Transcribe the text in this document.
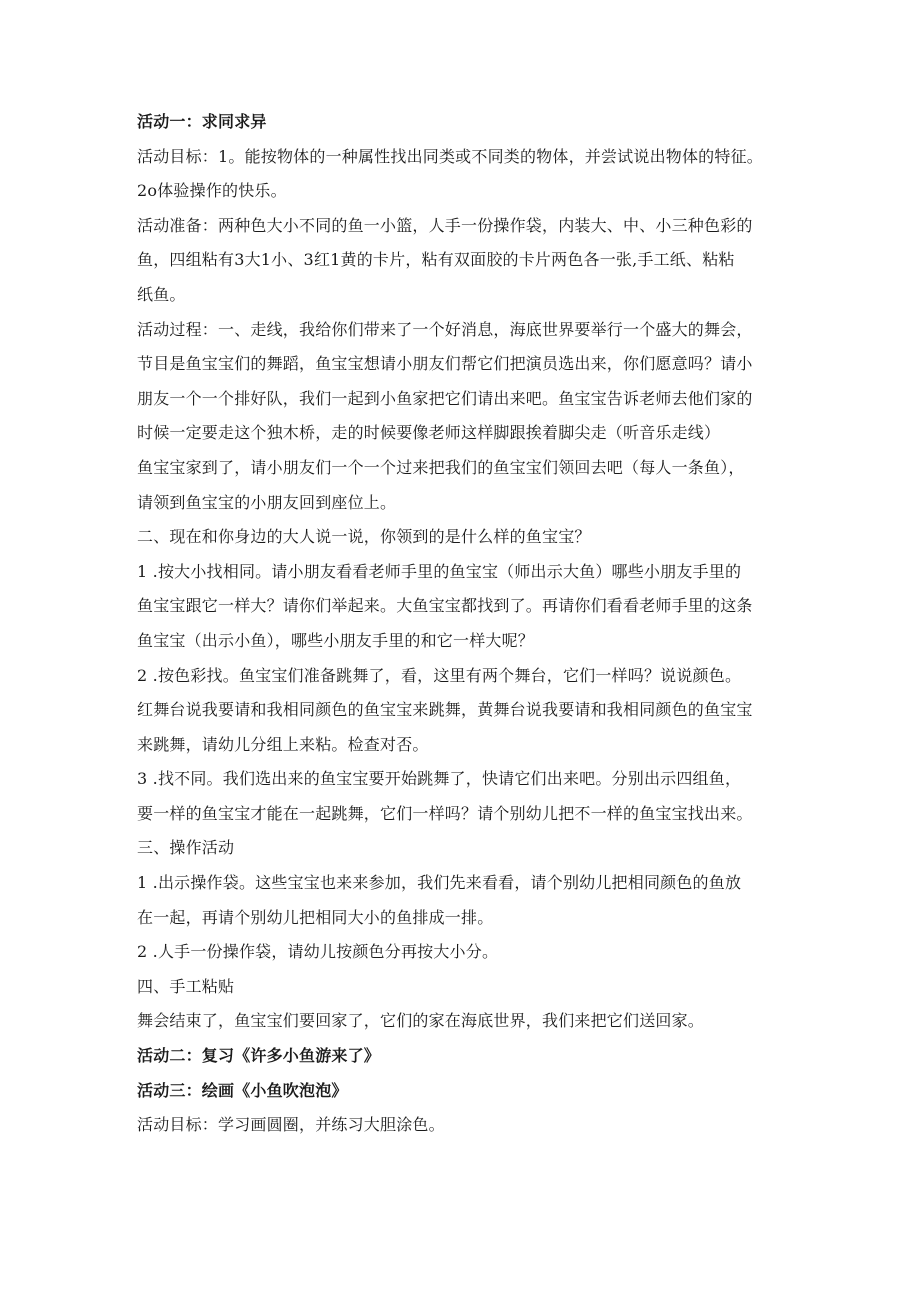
活动一：求同求异
活动目标：1。能按物体的一种属性找出同类或不同类的物体，并尝试说出物体的特征。
2o体验操作的快乐。
活动准备：两种色大小不同的鱼一小篮，人手一份操作袋，内装大、中、小三种色彩的
鱼，四组粘有3大1小、3红1黄的卡片，粘有双面胶的卡片两色各一张,手工纸、粘粘
纸鱼。
活动过程：一、走线，我给你们带来了一个好消息，海底世界要举行一个盛大的舞会，
节目是鱼宝宝们的舞蹈，鱼宝宝想请小朋友们帮它们把演员选出来，你们愿意吗？请小
朋友一个一个排好队，我们一起到小鱼家把它们请出来吧。鱼宝宝告诉老师去他们家的
时候一定要走这个独木桥，走的时候要像老师这样脚跟挨着脚尖走（听音乐走线）
鱼宝宝家到了，请小朋友们一个一个过来把我们的鱼宝宝们领回去吧（每人一条鱼），
请领到鱼宝宝的小朋友回到座位上。
二、现在和你身边的大人说一说，你领到的是什么样的鱼宝宝？
1 .按大小找相同。请小朋友看看老师手里的鱼宝宝（师出示大鱼）哪些小朋友手里的
鱼宝宝跟它一样大？请你们举起来。大鱼宝宝都找到了。再请你们看看老师手里的这条
鱼宝宝（出示小鱼），哪些小朋友手里的和它一样大呢？
2 .按色彩找。鱼宝宝们准备跳舞了，看，这里有两个舞台，它们一样吗？说说颜色。
红舞台说我要请和我相同颜色的鱼宝宝来跳舞，黄舞台说我要请和我相同颜色的鱼宝宝
来跳舞，请幼儿分组上来粘。检查对否。
3 .找不同。我们选出来的鱼宝宝要开始跳舞了，快请它们出来吧。分别出示四组鱼，
要一样的鱼宝宝才能在一起跳舞，它们一样吗？请个别幼儿把不一样的鱼宝宝找出来。
三、操作活动
1 .出示操作袋。这些宝宝也来来参加，我们先来看看，请个别幼儿把相同颜色的鱼放
在一起，再请个别幼儿把相同大小的鱼排成一排。
2 .人手一份操作袋，请幼儿按颜色分再按大小分。
四、手工粘贴
舞会结束了，鱼宝宝们要回家了，它们的家在海底世界，我们来把它们送回家。
活动二：复习《许多小鱼游来了》
活动三：绘画《小鱼吹泡泡》
活动目标：学习画圆圈，并练习大胆涂色。
